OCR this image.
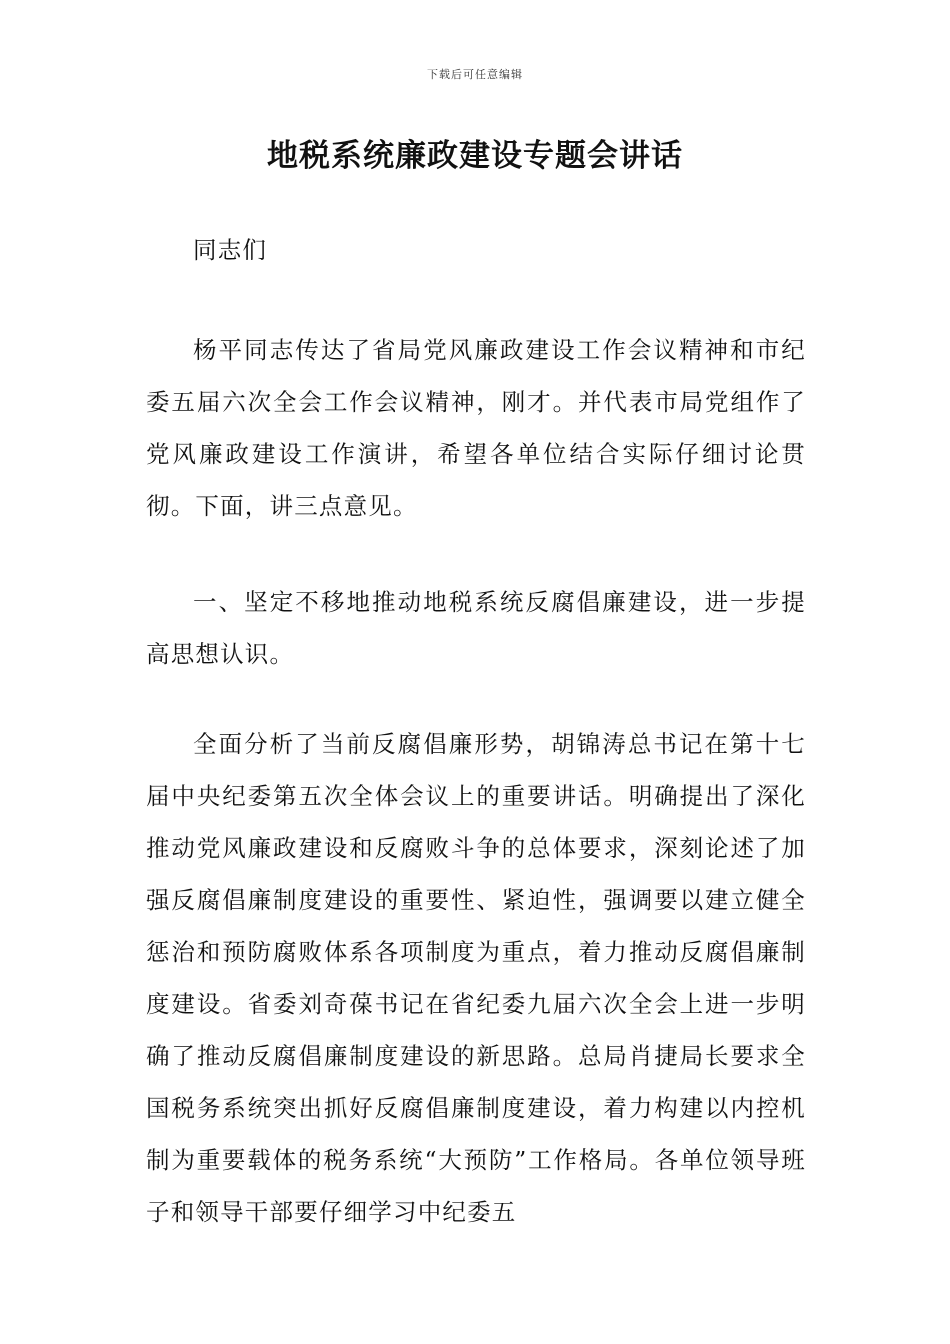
下载后可任意编辑
地税系统廉政建设专题会讲话

同志们

杨平同志传达了省局党风廉政建设工作会议精神和市纪委五届六次全会工作会议精神，刚才。并代表市局党组作了党风廉政建设工作演讲，希望各单位结合实际仔细讨论贯彻。下面，讲三点意见。

一、坚定不移地推动地税系统反腐倡廉建设，进一步提高思想认识。

全面分析了当前反腐倡廉形势，胡锦涛总书记在第十七届中央纪委第五次全体会议上的重要讲话。明确提出了深化推动党风廉政建设和反腐败斗争的总体要求，深刻论述了加强反腐倡廉制度建设的重要性、紧迫性，强调要以建立健全惩治和预防腐败体系各项制度为重点，着力推动反腐倡廉制度建设。省委刘奇葆书记在省纪委九届六次全会上进一步明确了推动反腐倡廉制度建设的新思路。总局肖捷局长要求全国税务系统突出抓好反腐倡廉制度建设，着力构建以内控机制为重要载体的税务系统“大预防”工作格局。各单位领导班子和领导干部要仔细学习中纪委五
